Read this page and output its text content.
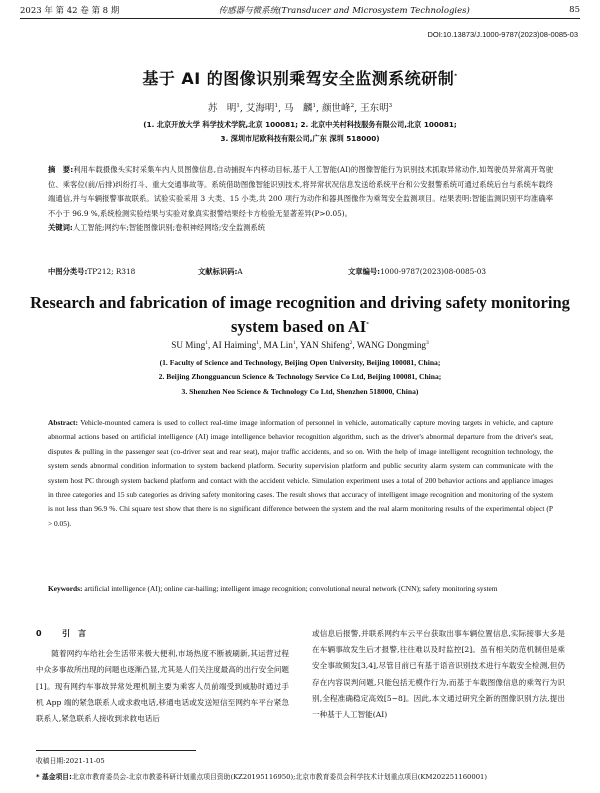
2023 年 第 42 卷 第 8 期	传感器与微系统(Transducer and Microsystem Technologies)	85
DOI:10.13873/J.1000-9787(2023)08-0085-03
基于 AI 的图像识别乘驾安全监测系统研制*
苏　明$^1$, 艾海明$^1$, 马　麟$^1$, 颜世峰$^2$, 王东明$^3$
(1. 北京开放大学 科学技术学院,北京 100081; 2. 北京中关村科技服务有限公司,北京 100081;
3. 深圳市尼欧科技有限公司,广东 深圳 518000)
摘　要:利用车载摄像头实时采集车内人员图像信息,自动捕捉车内移动目标,基于人工智能(AI)的图像智能行为识别技术抓取异常动作,如驾驶员异常离开驾驶位、乘客位(前/后排)纠纷打斗、重大交通事故等。系统借助图像智能识别技术,将异常状况信息发送给系统平台和公安报警系统可通过系统后台与系统车载终端通信,并与车辆报警事故联系。试验实验采用 3 大类、15 小类,共 200 项行为动作和器具图像作为乘驾安全监测项目。结果表明:智能监测识别平均准确率不小于 96.9 %,系统检测实验结果与实验对象真实报警结果经卡方检验无显著差异(P>0.05)。
关键词:人工智能;网约车;智能图像识别;卷积神经网络;安全监测系统
中图分类号:TP212; R318	文献标识码:A	文章编号:1000-9787(2023)08-0085-03
Research and fabrication of image recognition and driving safety monitoring system based on AI*
SU Ming$^1$, AI Haiming$^1$, MA Lin$^1$, YAN Shifeng$^2$, WANG Dongming$^3$
(1. Faculty of Science and Technology, Beijing Open University, Beijing 100081, China;
2. Beijing Zhongguancun Science & Technology Service Co Ltd, Beijing 100081, China;
3. Shenzhen Neo Science & Technology Co Ltd, Shenzhen 518000, China)
Abstract: Vehicle-mounted camera is used to collect real-time image information of personnel in vehicle, automatically capture moving targets in vehicle, and capture abnormal actions based on artificial intelligence (AI) image intelligence behavior recognition algorithm, such as the driver's abnormal departure from the driver's seat, disputes & pulling in the passenger seat (co-driver seat and rear seat), major traffic accidents, and so on. With the help of image intelligent recognition technology, the system sends abnormal condition information to system backend platform. Security supervision platform and public security alarm system can communicate with the system host PC through system backend platform and contact with the accident vehicle. Simulation experiment uses a total of 200 behavior actions and appliance images in three categories and 15 sub categories as driving safety monitoring cases. The result shows that accuracy of intelligent image recognition and monitoring of the system is not less than 96.9 %. Chi square test show that there is no significant difference between the system and the real alarm monitoring results of the experimental object (P > 0.05).
Keywords: artificial intelligence (AI); online car-hailing; intelligent image recognition; convolutional neural network (CNN); safety monitoring system
0	引　言
随着网约车给社会生活带来极大便利,市场热度不断被刷新,其运营过程中众多事故所出现的问题也逐渐凸显,尤其是人们关注度最高的出行安全问题[1]。现有网约车事故异常处理机制主要为乘客人员前端受到威胁时通过手机 App 端的紧急联系人或求救电话,移通电话或发送短信至网约车平台紧急联系人,紧急联系人接收到求救电话后
或信息后报警,并联系网约车云平台获取出事车辆位置信息,实际接事大多是在车辆事故发生后才报警,往往难以及时监控[2]。虽有相关防范机制但是乘安全事故频发[3,4],尽管目前已有基于语音识别技术进行车载安全检测,但仍存在内容误判问题,只能包括无模作行为,而基于车载图像信息的乘驾行为识别,全程准确稳定高效[5~8]。因此,本文通过研究全新的图像识别方法,提出一种基于人工智能(AI)
收稿日期:2021-11-05
* 基金项目:北京市教育委员会-北京市教委科研计划重点项目资助(KZ20195116950);北京市教育委员会科学技术计划重点项目(KM202251160001)
